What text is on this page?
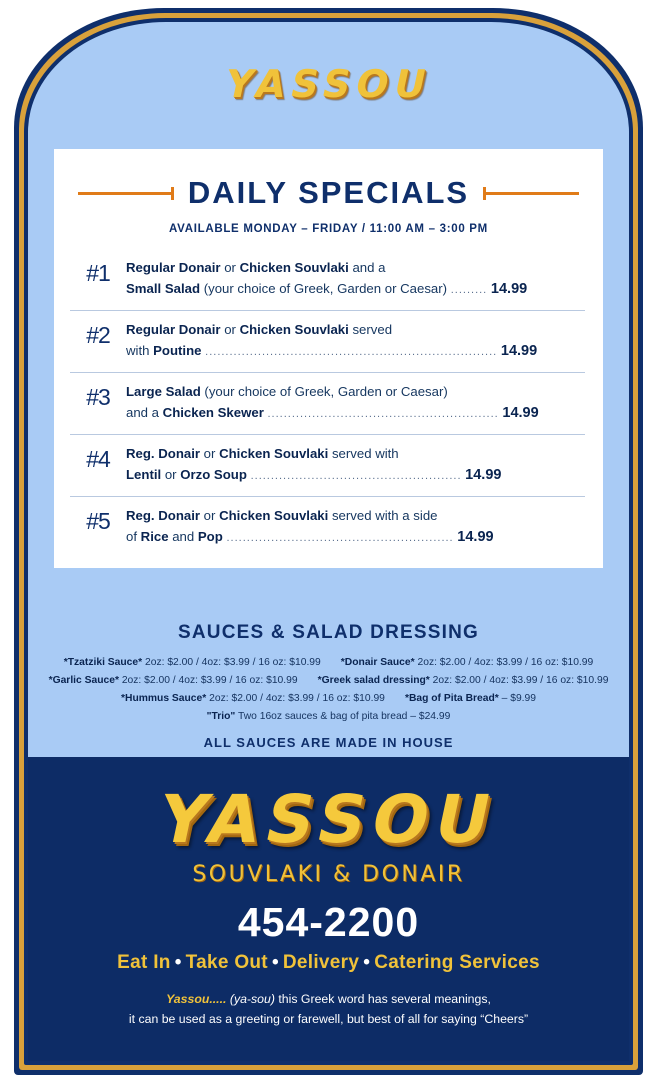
YASSOU
DAILY SPECIALS
AVAILABLE MONDAY – FRIDAY / 11:00 AM – 3:00 PM
#1	Regular Donair or Chicken Souvlaki and a
Small Salad (your choice of Greek, Garden or Caesar) ......... 14.99
#2	Regular Donair or Chicken Souvlaki served
with Poutine ........................................................................ 14.99
#3	Large Salad (your choice of Greek, Garden or Caesar)
and a Chicken Skewer ......................................................... 14.99
#4	Reg. Donair or Chicken Souvlaki served with
Lentil or Orzo Soup .................................................... 14.99
#5	Reg. Donair or Chicken Souvlaki served with a side
of Rice and Pop ........................................................ 14.99
SAUCES & SALAD DRESSING
*Tzatziki Sauce* 2oz: $2.00 / 4oz: $3.99 / 16 oz: $10.99 *Donair Sauce* 2oz: $2.00 / 4oz: $3.99 / 16 oz: $10.99
*Garlic Sauce* 2oz: $2.00 / 4oz: $3.99 / 16 oz: $10.99 *Greek salad dressing* 2oz: $2.00 / 4oz: $3.99 / 16 oz: $10.99
*Hummus Sauce* 2oz: $2.00 / 4oz: $3.99 / 16 oz: $10.99 *Bag of Pita Bread* – $9.99
"Trio" Two 16oz sauces & bag of pita bread – $24.99
ALL SAUCES ARE MADE IN HOUSE
YASSOU
SOUVLAKI & DONAIR
454-2200
Eat In • Take Out • Delivery • Catering Services
Yassou..... (ya-sou) this Greek word has several meanings,
it can be used as a greeting or farewell, but best of all for saying “Cheers”
